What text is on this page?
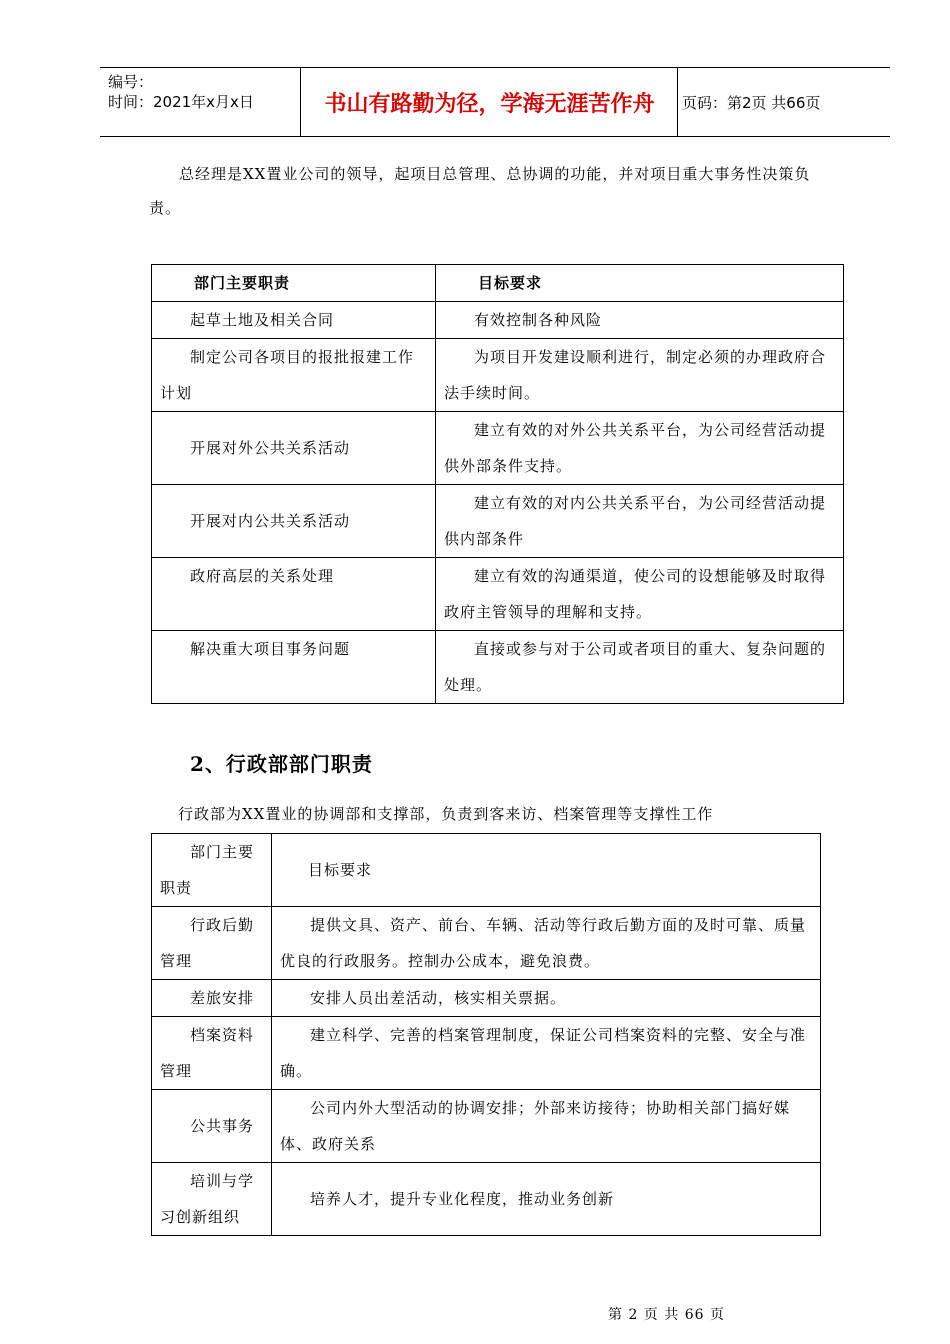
编号：
时间：2021年x月x日	书山有路勤为径，学海无涯苦作舟	页码：第2页 共66页
总经理是XX置业公司的领导，起项目总管理、总协调的功能，并对项目重大事务性决策负责。
部门主要职责	目标要求
起草土地及相关合同	有效控制各种风险
制定公司各项目的报批报建工作计划	为项目开发建设顺利进行，制定必须的办理政府合法手续时间。
开展对外公共关系活动	建立有效的对外公共关系平台，为公司经营活动提供外部条件支持。
开展对内公共关系活动	建立有效的对内公共关系平台，为公司经营活动提供内部条件
政府高层的关系处理	建立有效的沟通渠道，使公司的设想能够及时取得政府主管领导的理解和支持。
解决重大项目事务问题	直接或参与对于公司或者项目的重大、复杂问题的处理。
2、行政部部门职责
行政部为XX置业的协调部和支撑部，负责到客来访、档案管理等支撑性工作
部门主要职责	目标要求
行政后勤管理	提供文具、资产、前台、车辆、活动等行政后勤方面的及时可靠、质量优良的行政服务。控制办公成本，避免浪费。
差旅安排	安排人员出差活动，核实相关票据。
档案资料管理	建立科学、完善的档案管理制度，保证公司档案资料的完整、安全与准确。
公共事务	公司内外大型活动的协调安排；外部来访接待；协助相关部门搞好媒体、政府关系
培训与学习创新组织	培养人才，提升专业化程度，推动业务创新
第 2 页 共 66 页
